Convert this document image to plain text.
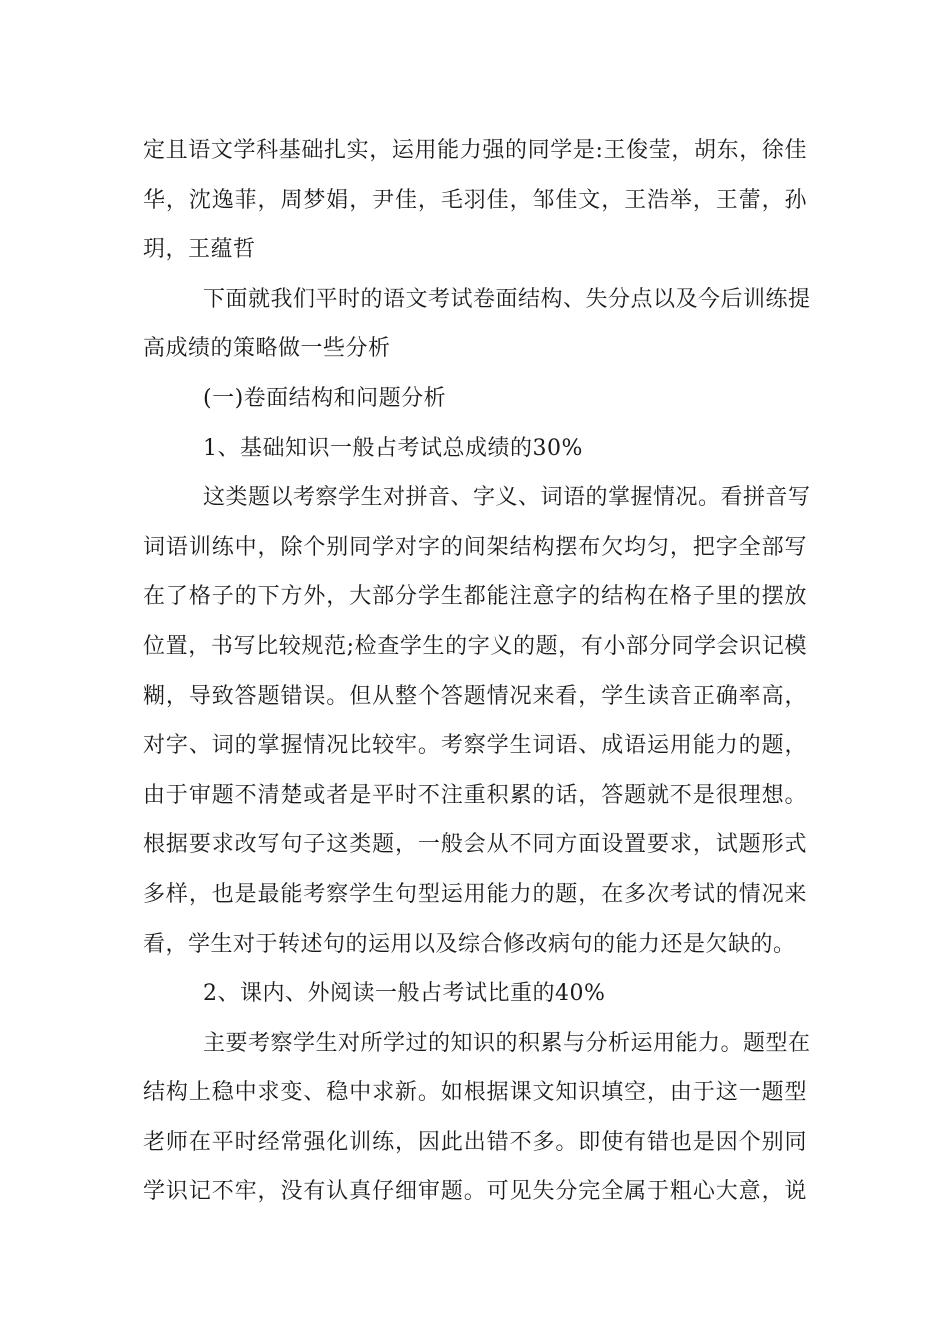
定且语文学科基础扎实，运用能力强的同学是:王俊莹，胡东，徐佳
华，沈逸菲，周梦娟，尹佳，毛羽佳，邹佳文，王浩举，王蕾，孙
玥，王蕴哲
下面就我们平时的语文考试卷面结构、失分点以及今后训练提
高成绩的策略做一些分析
(一)卷面结构和问题分析
1、基础知识一般占考试总成绩的30%
这类题以考察学生对拼音、字义、词语的掌握情况。看拼音写
词语训练中，除个别同学对字的间架结构摆布欠均匀，把字全部写
在了格子的下方外，大部分学生都能注意字的结构在格子里的摆放
位置，书写比较规范;检查学生的字义的题，有小部分同学会识记模
糊，导致答题错误。但从整个答题情况来看，学生读音正确率高，
对字、词的掌握情况比较牢。考察学生词语、成语运用能力的题，
由于审题不清楚或者是平时不注重积累的话，答题就不是很理想。
根据要求改写句子这类题，一般会从不同方面设置要求，试题形式
多样，也是最能考察学生句型运用能力的题，在多次考试的情况来
看，学生对于转述句的运用以及综合修改病句的能力还是欠缺的。
2、课内、外阅读一般占考试比重的40%
主要考察学生对所学过的知识的积累与分析运用能力。题型在
结构上稳中求变、稳中求新。如根据课文知识填空，由于这一题型
老师在平时经常强化训练，因此出错不多。即使有错也是因个别同
学识记不牢，没有认真仔细审题。可见失分完全属于粗心大意，说
